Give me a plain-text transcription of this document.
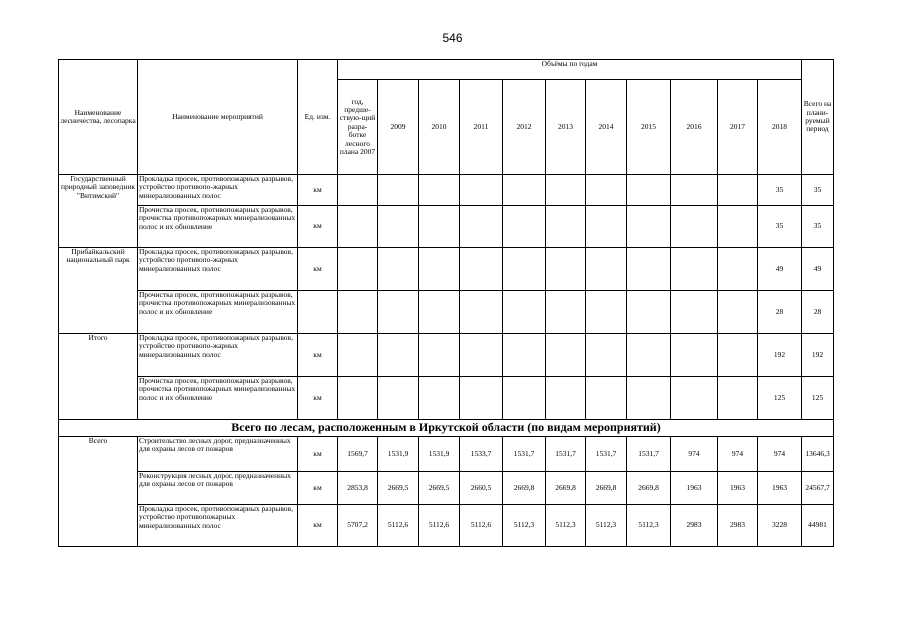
546
Наименование лесничества, лесопарка	Наименование мероприятий	Ед. изм.	Объёмы по годам											Всего на плани-руемый период
			год, предше-ствую-щий разра-ботке лесного плана 2007	2009	2010	2011	2012	2013	2014	2015	2016	2017	2018	
Государственный природный заповедник "Витимский"	Прокладка просек, противопожарных разрывов, устройство противопо-жарных минерализованных полос	км											35	35
	Прочистка просек, противопожарных разрывов, прочистка противопожарных минерализованных полос и их обновление	км											35	35
Прибайкальский национальный парк	Прокладка просек, противопожарных разрывов, устройство противопо-жарных минерализованных полос	км											49	49
	Прочистка просек, противопожарных разрывов, прочистка противопожарных минерализованных полос и их обновление												28	28
Итого	Прокладка просек, противопожарных разрывов, устройство противопо-жарных минерализованных полос	км											192	192
	Прочистка просек, противопожарных разрывов, прочистка противопожарных минерализованных полос и их обновление	км											125	125
Всего по лесам, расположенным в Иркутской области (по видам мероприятий)														
Всего	Строительство лесных дорог, предназначенных для охраны лесов от пожаров	км	1569,7	1531,9	1531,9	1533,7	1531,7	1531,7	1531,7	1531,7	974	974	974	13646,3
	Реконструкция лесных дорог, предназначенных для охраны лесов от пожаров	км	2853,8	2669,5	2669,5	2660,5	2669,8	2669,8	2669,8	2669,8	1963	1963	1963	24567,7
	Прокладка просек, противопожарных разрывов, устройство противопожарных минерализованных полос	км	5707,2	5112,6	5112,6	5112,6	5112,3	5112,3	5112,3	5112,3	2983	2983	3228	44981
